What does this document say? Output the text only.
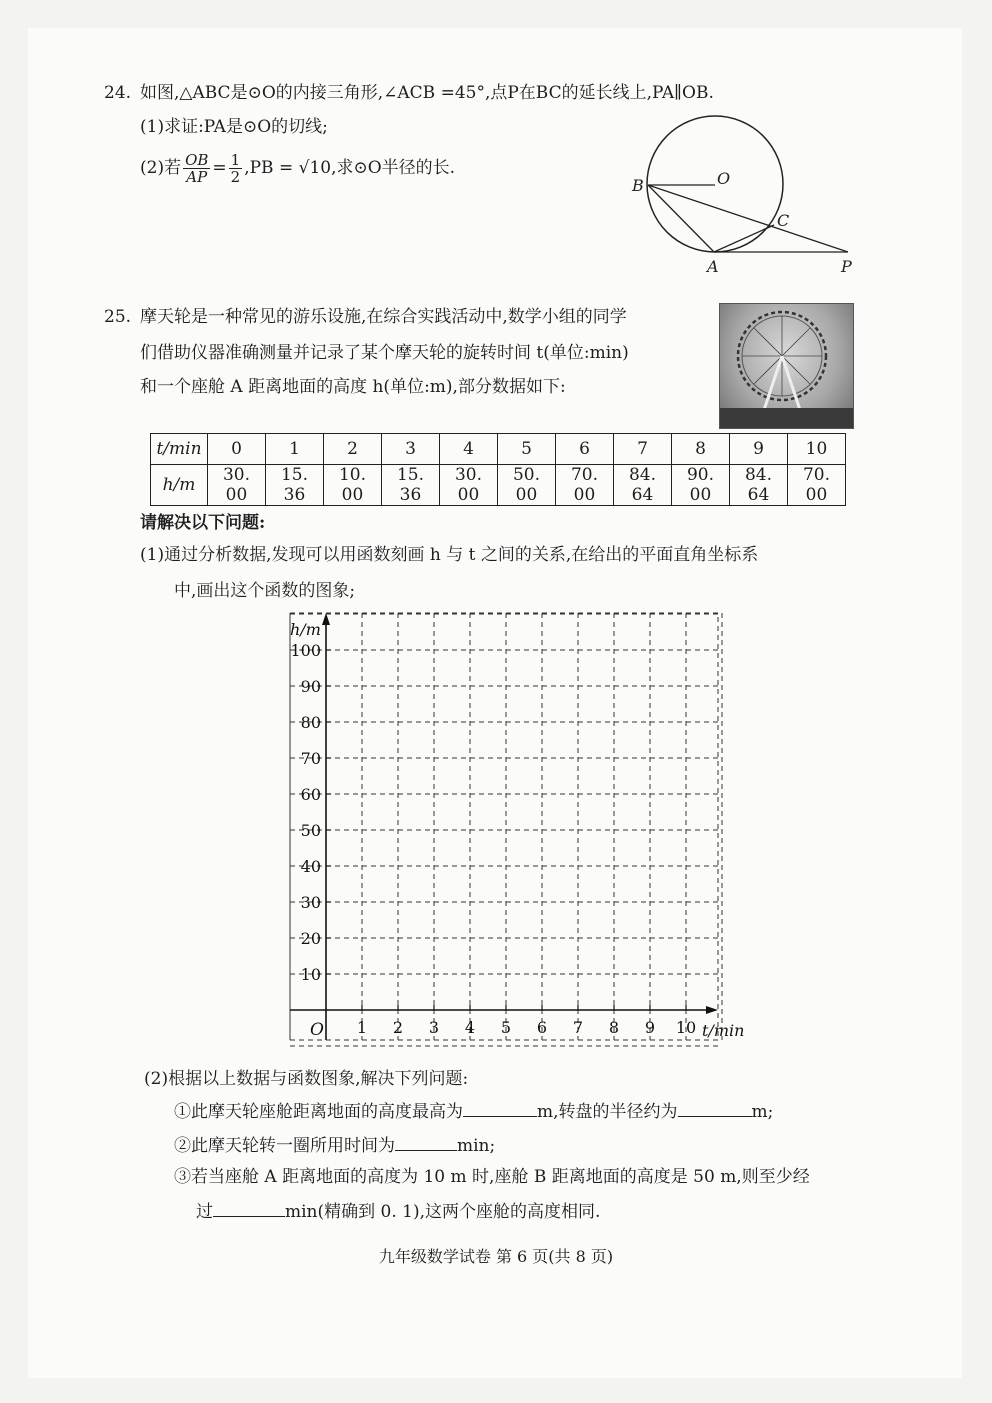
24. 如图,△ABC是⊙O的内接三角形,∠ACB =45°,点P在BC的延长线上,PA∥OB.
(1)求证:PA是⊙O的切线;
(2)若 $\frac{OB}{AP} = \frac{1}{2} ,PB = √10$,求⊙O半径的长.
B	O
C
A	P
25. 摩天轮是一种常见的游乐设施,在综合实践活动中,数学小组的同学
们借助仪器准确测量并记录了某个摩天轮的旋转时间 t(单位:min)
和一个座舱 A 距离地面的高度 h(单位:m),部分数据如下:
t/min	0	1	2	3	4	5	6	7	8	9	10
h/m	30. 00	15. 36	10. 00	15. 36	30. 00	50. 00	70. 00	84. 64	90. 00	84. 64	70. 00
请解决以下问题:
(1)通过分析数据,发现可以用函数刻画 h 与 t 之间的关系,在给出的平面直角坐标系
中,画出这个函数的图象;
100
90
80
70
60
50
40
30
20
10
1 2 3 4 5 6 7 8 9 10
O
h/m
t/min
(2)根据以上数据与函数图象,解决下列问题:
①此摩天轮座舱距离地面的高度最高为	m,转盘的半径约为	m;
②此摩天轮转一圈所用时间为	min;
③若当座舱 A 距离地面的高度为 10 m 时,座舱 B 距离地面的高度是 50 m,则至少经
过	min(精确到 0. 1),这两个座舱的高度相同.
九年级数学试卷 第 6 页(共 8 页)
